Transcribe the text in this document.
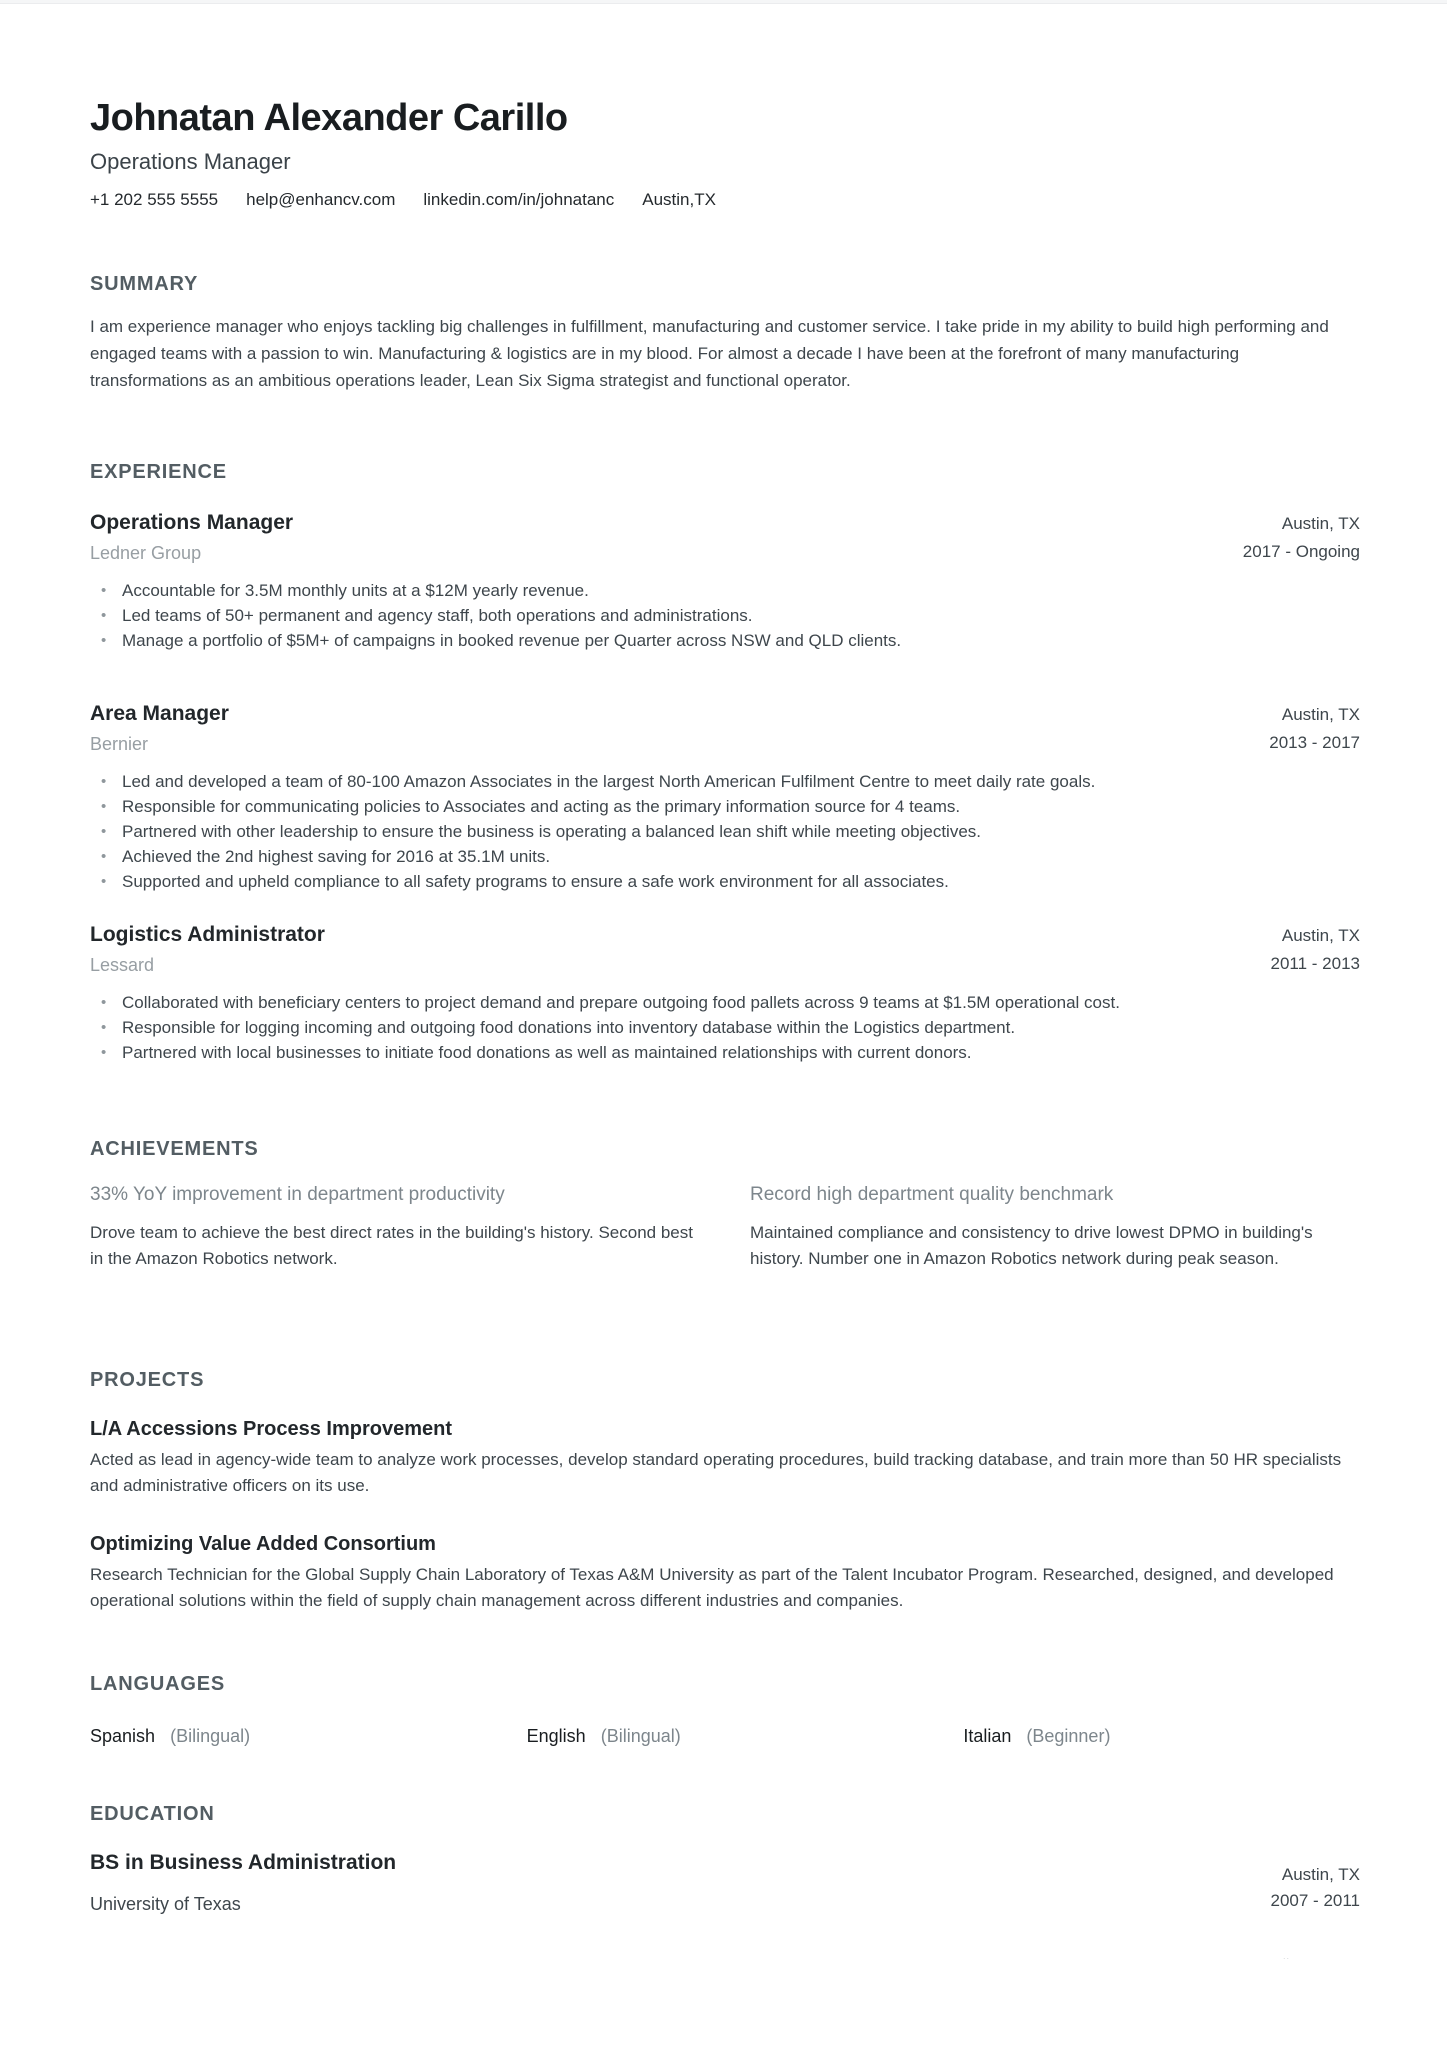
Johnatan Alexander Carillo
Operations Manager
+1 202 555 5555 help@enhancv.com linkedin.com/in/johnatanc Austin,TX
SUMMARY
I am experience manager who enjoys tackling big challenges in fulfillment, manufacturing and customer service. I take pride in my ability to build high performing and engaged teams with a passion to win. Manufacturing & logistics are in my blood. For almost a decade I have been at the forefront of many manufacturing transformations as an ambitious operations leader, Lean Six Sigma strategist and functional operator.
EXPERIENCE
Operations Manager
Ledner Group
Austin, TX
2017 - Ongoing
• Accountable for 3.5M monthly units at a $12M yearly revenue.
• Led teams of 50+ permanent and agency staff, both operations and administrations.
• Manage a portfolio of $5M+ of campaigns in booked revenue per Quarter across NSW and QLD clients.
Area Manager
Bernier
Austin, TX
2013 - 2017
• Led and developed a team of 80-100 Amazon Associates in the largest North American Fulfilment Centre to meet daily rate goals.
• Responsible for communicating policies to Associates and acting as the primary information source for 4 teams.
• Partnered with other leadership to ensure the business is operating a balanced lean shift while meeting objectives.
• Achieved the 2nd highest saving for 2016 at 35.1M units.
• Supported and upheld compliance to all safety programs to ensure a safe work environment for all associates.
Logistics Administrator
Lessard
Austin, TX
2011 - 2013
• Collaborated with beneficiary centers to project demand and prepare outgoing food pallets across 9 teams at $1.5M operational cost.
• Responsible for logging incoming and outgoing food donations into inventory database within the Logistics department.
• Partnered with local businesses to initiate food donations as well as maintained relationships with current donors.
ACHIEVEMENTS
33% YoY improvement in department productivity
Drove team to achieve the best direct rates in the building's history. Second best in the Amazon Robotics network.
Record high department quality benchmark
Maintained compliance and consistency to drive lowest DPMO in building's history. Number one in Amazon Robotics network during peak season.
PROJECTS
L/A Accessions Process Improvement
Acted as lead in agency-wide team to analyze work processes, develop standard operating procedures, build tracking database, and train more than 50 HR specialists and administrative officers on its use.
Optimizing Value Added Consortium
Research Technician for the Global Supply Chain Laboratory of Texas A&M University as part of the Talent Incubator Program. Researched, designed, and developed operational solutions within the field of supply chain management across different industries and companies.
LANGUAGES
Spanish (Bilingual)	English (Bilingual)	Italian (Beginner)
EDUCATION
BS in Business Administration
University of Texas
Austin, TX
2007 - 2011
..
